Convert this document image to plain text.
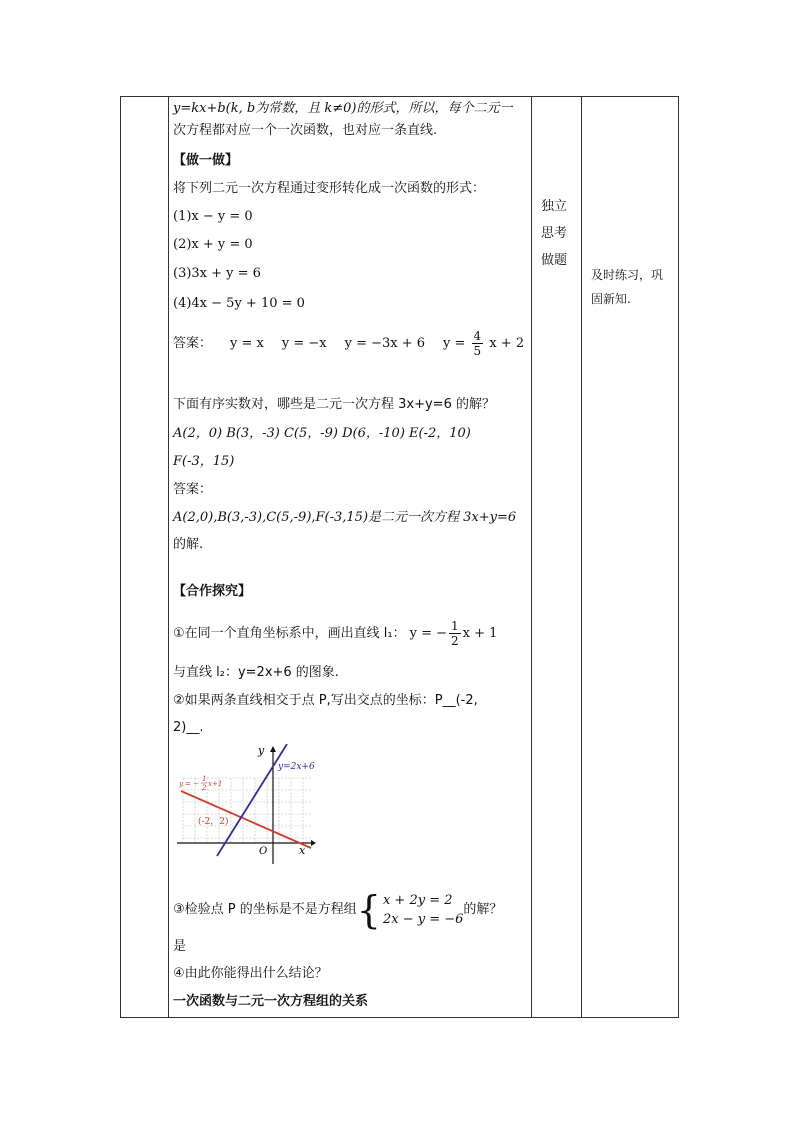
y=kx+b(k, b为常数，且 k≠0)的形式，所以，每个二元一
次方程都对应一个一次函数，也对应一条直线.
【做一做】
将下列二元一次方程通过变形转化成一次函数的形式：
(1)x − y = 0
(2)x + y = 0
(3)3x + y = 6
(4)4x − 5y + 10 = 0
答案： y = x y = −x y = −3x + 6 $y = \frac{4}{5}$ x + 2
下面有序实数对，哪些是二元一次方程 3x+y=6 的解？
A(2，0) B(3，-3) C(5，-9) D(6，-10) E(-2，10)
F(-3，15)
答案：
A(2,0),B(3,-3),C(5,-9),F(-3,15)是二元一次方程 3x+y=6
的解.
【合作探究】
①在同一个直角坐标系中，画出直线 l₁： y = − $\frac{1}{2}$ x + 1
与直线 l₂：y=2x+6 的图象.
②如果两条直线相交于点 P,写出交点的坐标：P__(-2,
2)__.
y
x
O
y=2x+6
(-2，2)
y = −
1
2 x+1
③检验点 P 的坐标是不是方程组 { x + 2y = 2
2x − y = −6
的解？
是
④由此你能得出什么结论？
一次函数与二元一次方程组的关系
独立
思考
做题
及时练习，巩
固新知.
